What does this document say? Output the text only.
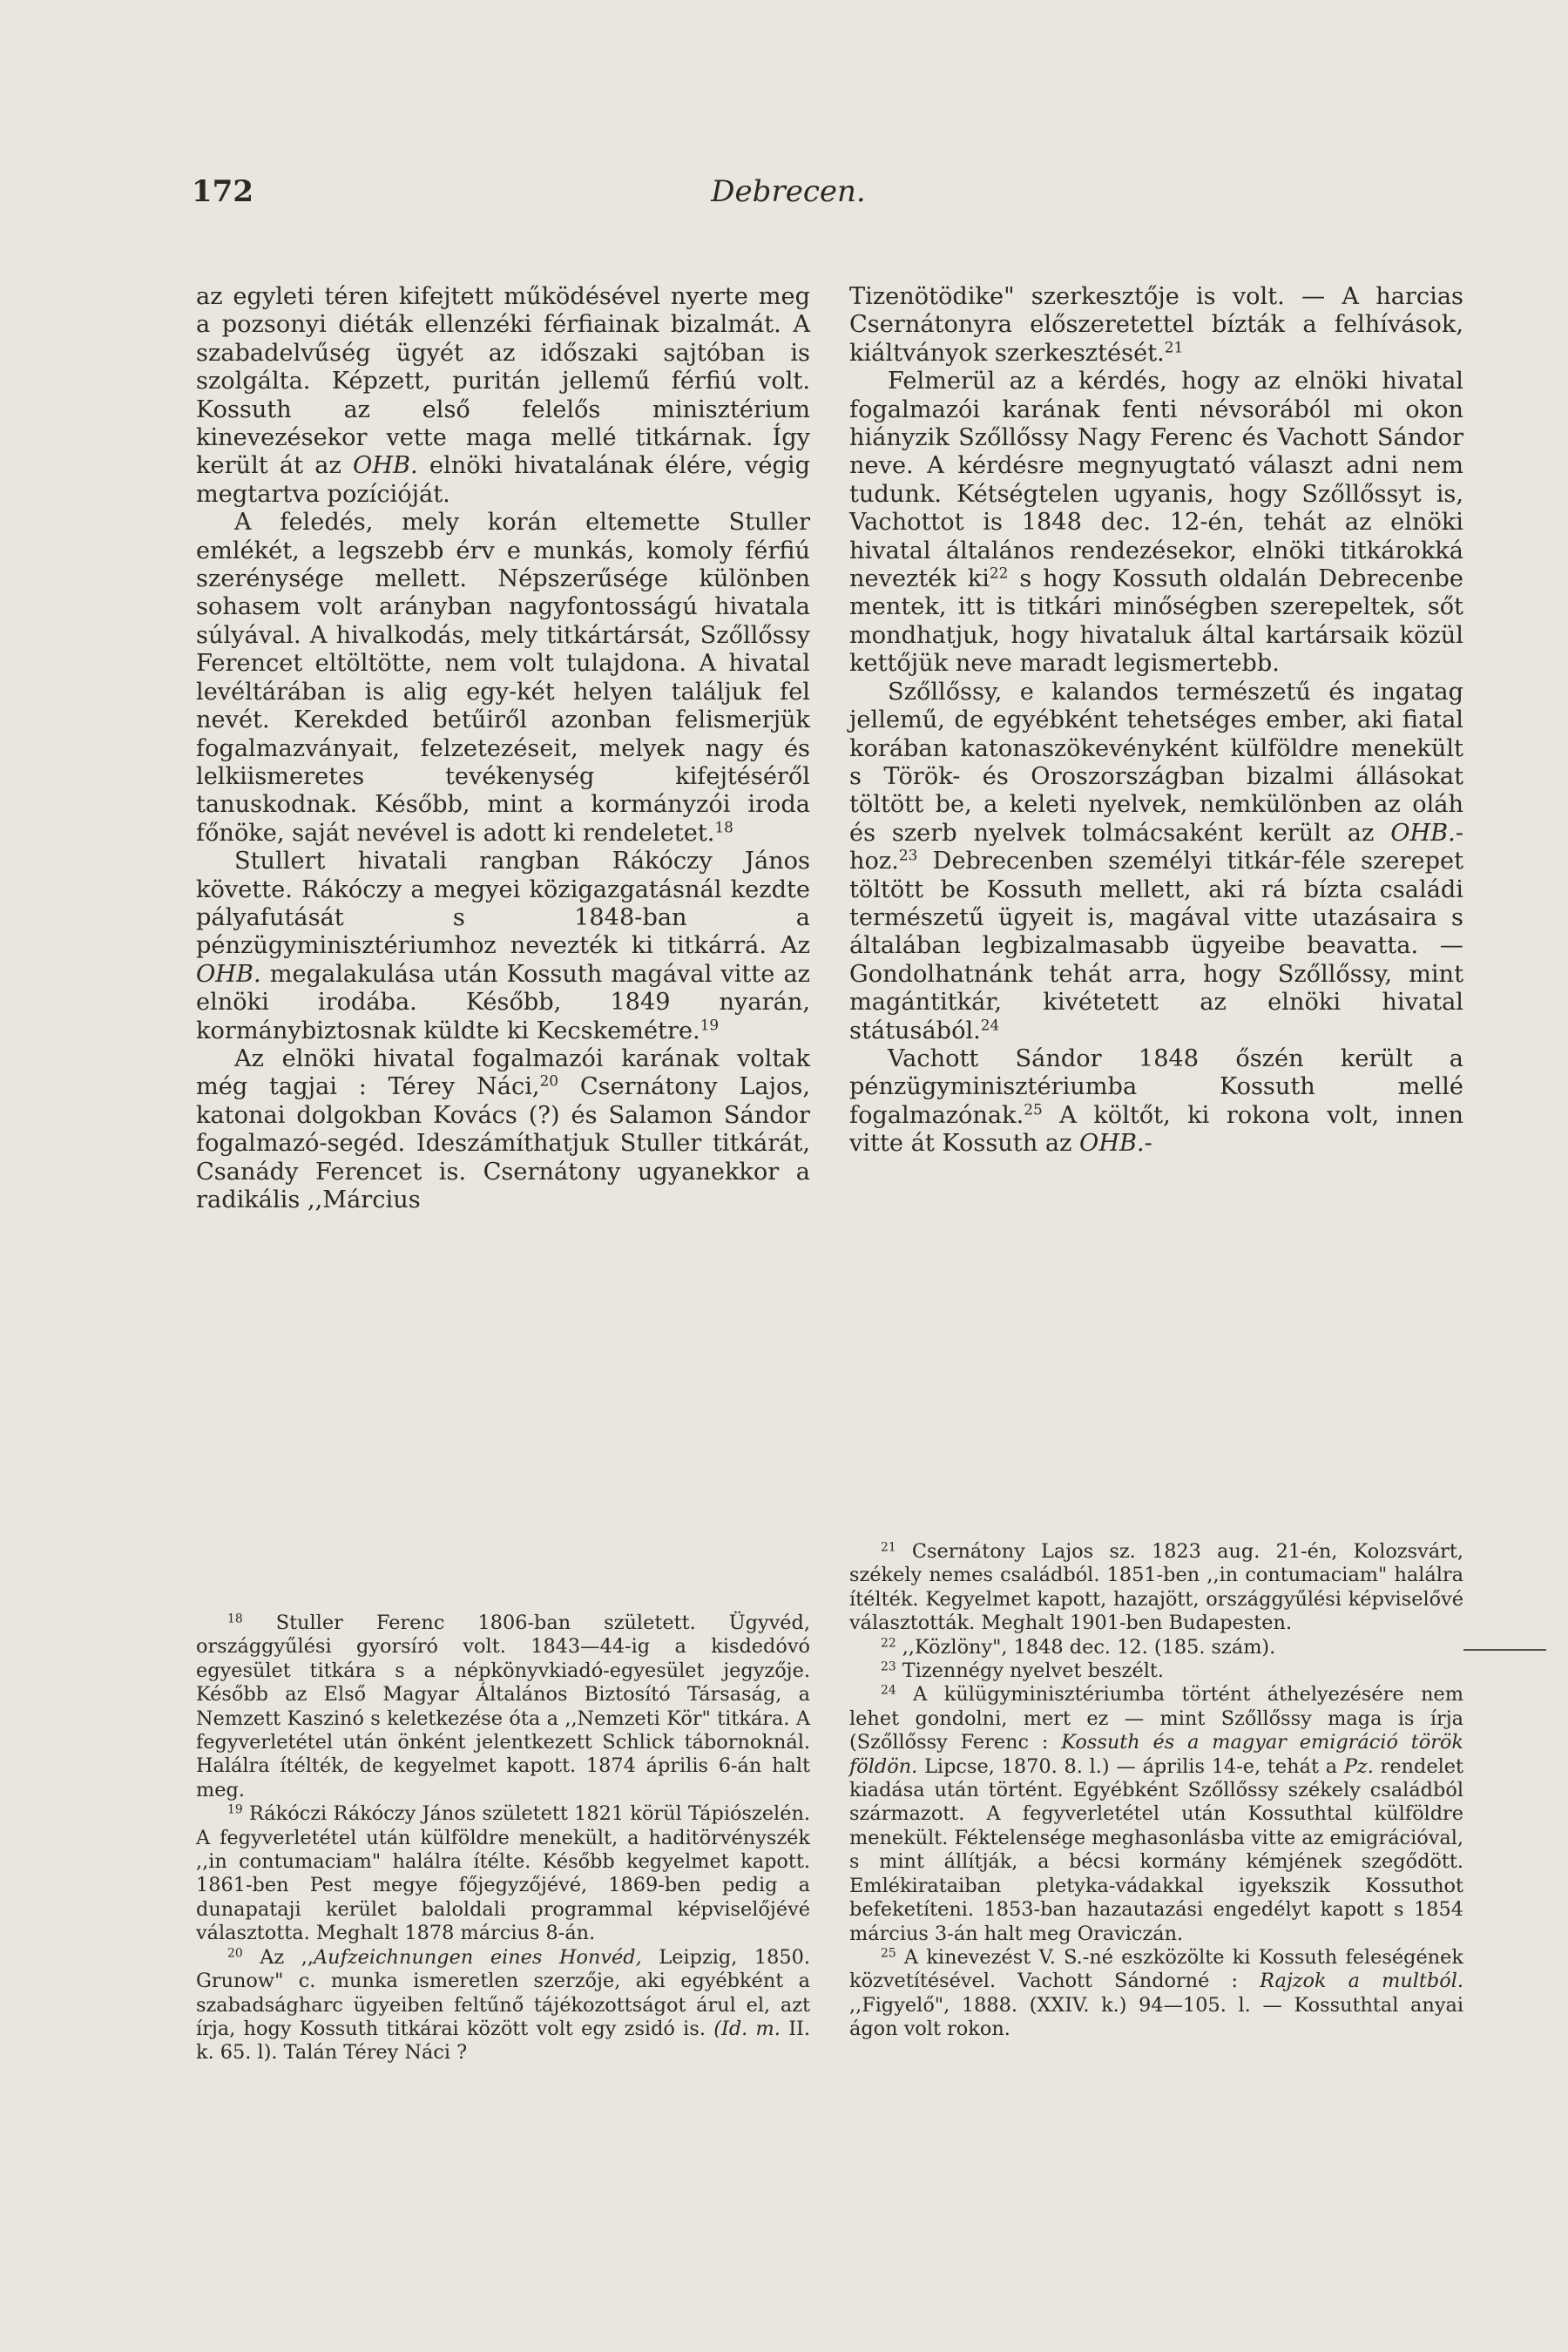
Debrecen.
172

az egyleti téren kifejtett működésével nyerte meg a pozsonyi diéták ellenzéki férfiainak bizalmát. A szabadelvűség ügyét az időszaki sajtóban is szolgálta. Képzett, puritán jellemű férfiú volt. Kossuth az első felelős minisztérium kinevezésekor vette maga mellé titkárnak. Így került át az OHB. elnöki hivatalának élére, végig megtartva pozícióját.

A feledés, mely korán eltemette Stuller emlékét, a legszebb érv e munkás, komoly férfiú szerénysége mellett. Népszerűsége különben sohasem volt arányban nagyfontosságú hivatala súlyával. A hivalkodás, mely titkártársát, Szőllőssy Ferencet eltöltötte, nem volt tulajdona. A hivatal levéltárában is alig egy-két helyen találjuk fel nevét. Kerekded betűiről azonban felismerjük fogalmazványait, felzetezéseit, melyek nagy és lelkiismeretes tevékenység kifejtéséről tanuskodnak. Később, mint a kormányzói iroda főnöke, saját nevével is adott ki rendeletet.$^{18}$

Stullert hivatali rangban Rákóczy János követte. Rákóczy a megyei közigazgatásnál kezdte pályafutását s 1848-ban a pénzügyminisztériumhoz nevezték ki titkárrá. Az OHB. megalakulása után Kossuth magával vitte az elnöki irodába. Később, 1849 nyarán, kormánybiztosnak küldte ki Kecskemétre.$^{19}$

Az elnöki hivatal fogalmazói karának voltak még tagjai : Térey Náci,$^{20}$ Csernátony Lajos, katonai dolgokban Kovács (?) és Salamon Sándor fogalmazó-segéd. Ideszámíthatjuk Stuller titkárát, Csanády Ferencet is. Csernátony ugyanekkor a radikális ,,Március

Tizenötödike" szerkesztője is volt. — A harcias Csernátonyra előszeretettel bízták a felhívások, kiáltványok szerkesztését.$^{21}$

Felmerül az a kérdés, hogy az elnöki hivatal fogalmazói karának fenti névsorából mi okon hiányzik Szőllőssy Nagy Ferenc és Vachott Sándor neve. A kérdésre megnyugtató választ adni nem tudunk. Kétségtelen ugyanis, hogy Szőllőssyt is, Vachottot is 1848 dec. 12-én, tehát az elnöki hivatal általános rendezésekor, elnöki titkárokká nevezték $ki^{22}$ s hogy Kossuth oldalán Debrecenbe mentek, itt is titkári minőségben szerepeltek, sőt mondhatjuk, hogy hivataluk által kartársaik közül kettőjük neve maradt legismertebb.

Szőllőssy, e kalandos természetű és ingatag jellemű, de egyébként tehetséges ember, aki fiatal korában katonaszökevényként külföldre menekült s Török- és Oroszországban bizalmi állásokat töltött be, a keleti nyelvek, nemkülönben az oláh és szerb nyelvek tolmácsaként került az OHB.-hoz.$^{23}$ Debrecenben személyi titkár-féle szerepet töltött be Kossuth mellett, aki rá bízta családi természetű ügyeit is, magával vitte utazásaira s általában legbizalmasabb ügyeibe beavatta. — Gondolhatnánk tehát arra, hogy Szőllőssy, mint magántitkár, kivétetett az elnöki hivatal státusából.$^{24}$

Vachott Sándor 1848 őszén került a pénzügyminisztériumba Kossuth mellé fogalmazónak.$^{25}$ A költőt, ki rokona volt, innen vitte át Kossuth az OHB.-

$^{18}$ Stuller Ferenc 1806-ban született. Ügyvéd, országgyűlési gyorsíró volt. 1843—44-ig a kisdedóvó egyesület titkára s a népkönyvkiadó-egyesület jegyzője. Később az Első Magyar Általános Biztosító Társaság, a Nemzett Kaszinó s keletkezése óta a ,,Nemzeti Kör" titkára. A fegyverletétel után önként jelentkezett Schlick tábornoknál. Halálra ítélték, de kegyelmet kapott. 1874 április 6-án halt meg.

$^{19}$ Rákóczi Rákóczy János született 1821 körül Tápiószelén. A fegyverletétel után külföldre menekült, a haditörvényszék ,,in contumaciam" halálra ítélte. Később kegyelmet kapott. 1861-ben Pest megye főjegyzőjévé, 1869-ben pedig a dunapataji kerület baloldali programmal képviselőjévé választotta. Meghalt 1878 március 8-án.

$^{20}$ Az ,,Aufzeichnungen eines Honvéd, Leipzig, 1850. Grunow" c. munka ismeretlen szerzője, aki egyébként a szabadságharc ügyeiben feltűnő tájékozottságot árul el, azt írja, hogy Kossuth titkárai között volt egy zsidó is. (Id. m. II. k. 65. l). Talán Térey Náci ?

$^{21}$ Csernátony Lajos sz. 1823 aug. 21-én, Kolozsvárt, székely nemes családból. 1851-ben ,,in contumaciam" halálra ítélték. Kegyelmet kapott, hazajött, országgyűlési képviselővé választották. Meghalt 1901-ben Budapesten.

$^{22}$ ,,Közlöny", 1848 dec. 12. (185. szám).

$^{23}$ Tizennégy nyelvet beszélt.

$^{24}$ A külügyminisztériumba történt áthelyezésére nem lehet gondolni, mert ez — mint Szőllőssy maga is írja (Szőllőssy Ferenc : Kossuth és a magyar emigráció török földön. Lipcse, 1870. 8. l.) — április 14-e, tehát a Pz. rendelet kiadása után történt. Egyébként Szőllőssy székely családból származott. A fegyverletétel után Kossuthtal külföldre menekült. Féktelensége meghasonlásba vitte az emigrációval, s mint állítják, a bécsi kormány kémjének szegődött. Emlékirataiban pletyka-vádakkal igyekszik Kossuthot befeketíteni. 1853-ban hazautazási engedélyt kapott s 1854 március 3-án halt meg Oraviczán.

$^{25}$ A kinevezést V. S.-né eszközölte ki Kossuth feleségének közvetítésével. Vachott Sándorné : Rajzok a multból. ,,Figyelő", 1888. (XXIV. k.) 94—105. l. — Kossuthtal anyai ágon volt rokon.
